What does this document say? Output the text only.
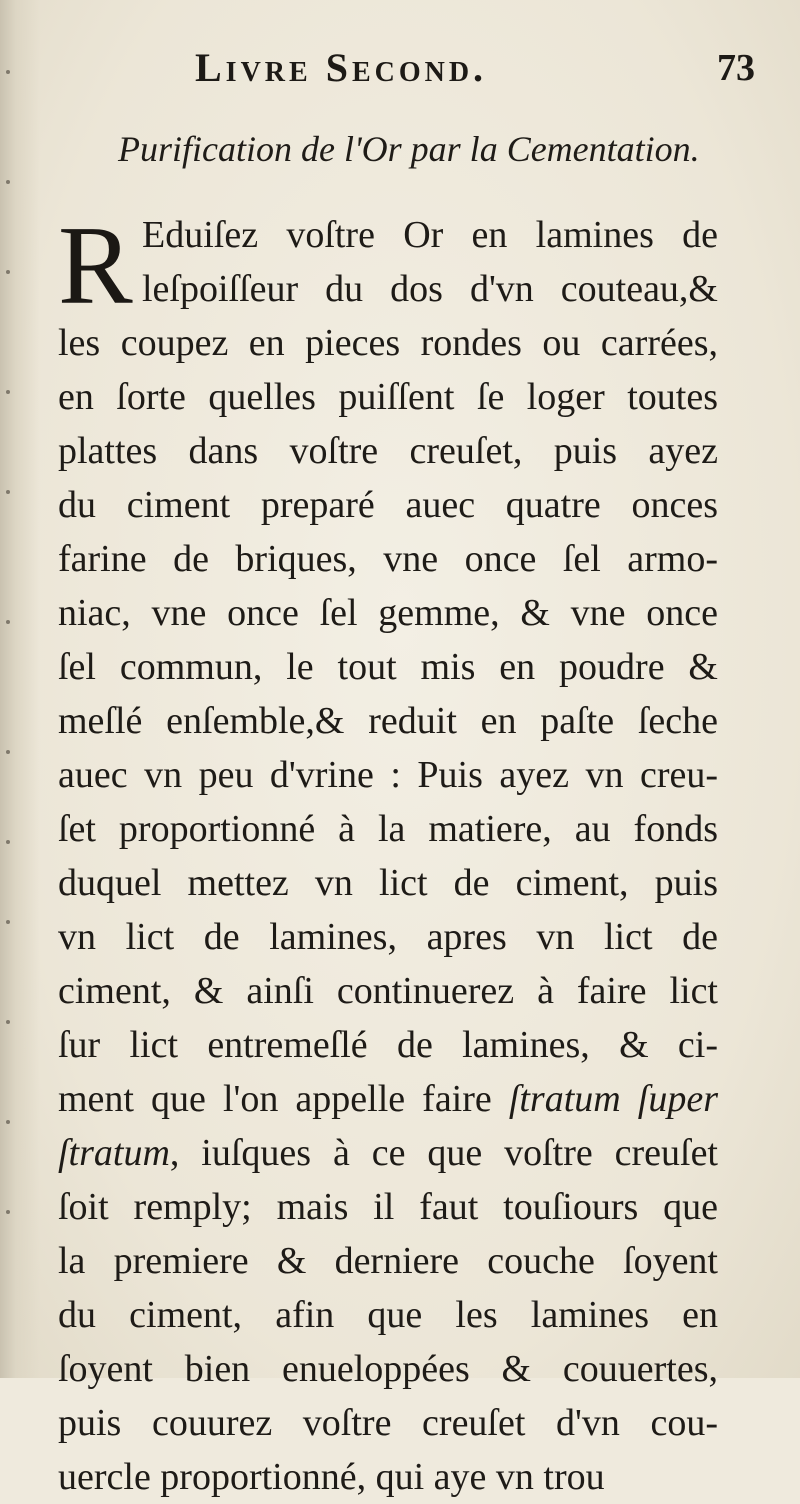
Livre Second.	73
Purification de l'Or par la Cementation.
R Eduiſez voſtre Or en lamines de
leſpoiſſeur du dos d'vn couteau,&
les coupez en pieces rondes ou carrées,
en ſorte quelles puiſſent ſe loger toutes
plattes dans voſtre creuſet, puis ayez
du ciment preparé auec quatre onces
farine de briques, vne once ſel armo-
niac, vne once ſel gemme, & vne once
ſel commun, le tout mis en poudre &
meſlé enſemble,& reduit en paſte ſeche
auec vn peu d'vrine : Puis ayez vn creu-
ſet proportionné à la matiere, au fonds
duquel mettez vn lict de ciment, puis
vn lict de lamines, apres vn lict de
ciment, & ainſi continuerez à faire lict
ſur lict entremeſlé de lamines, & ci-
ment que l'on appelle faire ſtratum ſuper
ſtratum, iuſques à ce que voſtre creuſet
ſoit remply; mais il faut touſiours que
la premiere & derniere couche ſoyent
du ciment, afin que les lamines en
ſoyent bien enueloppées & couuertes,
puis couurez voſtre creuſet d'vn cou-
uercle proportionné, qui aye vn trou
